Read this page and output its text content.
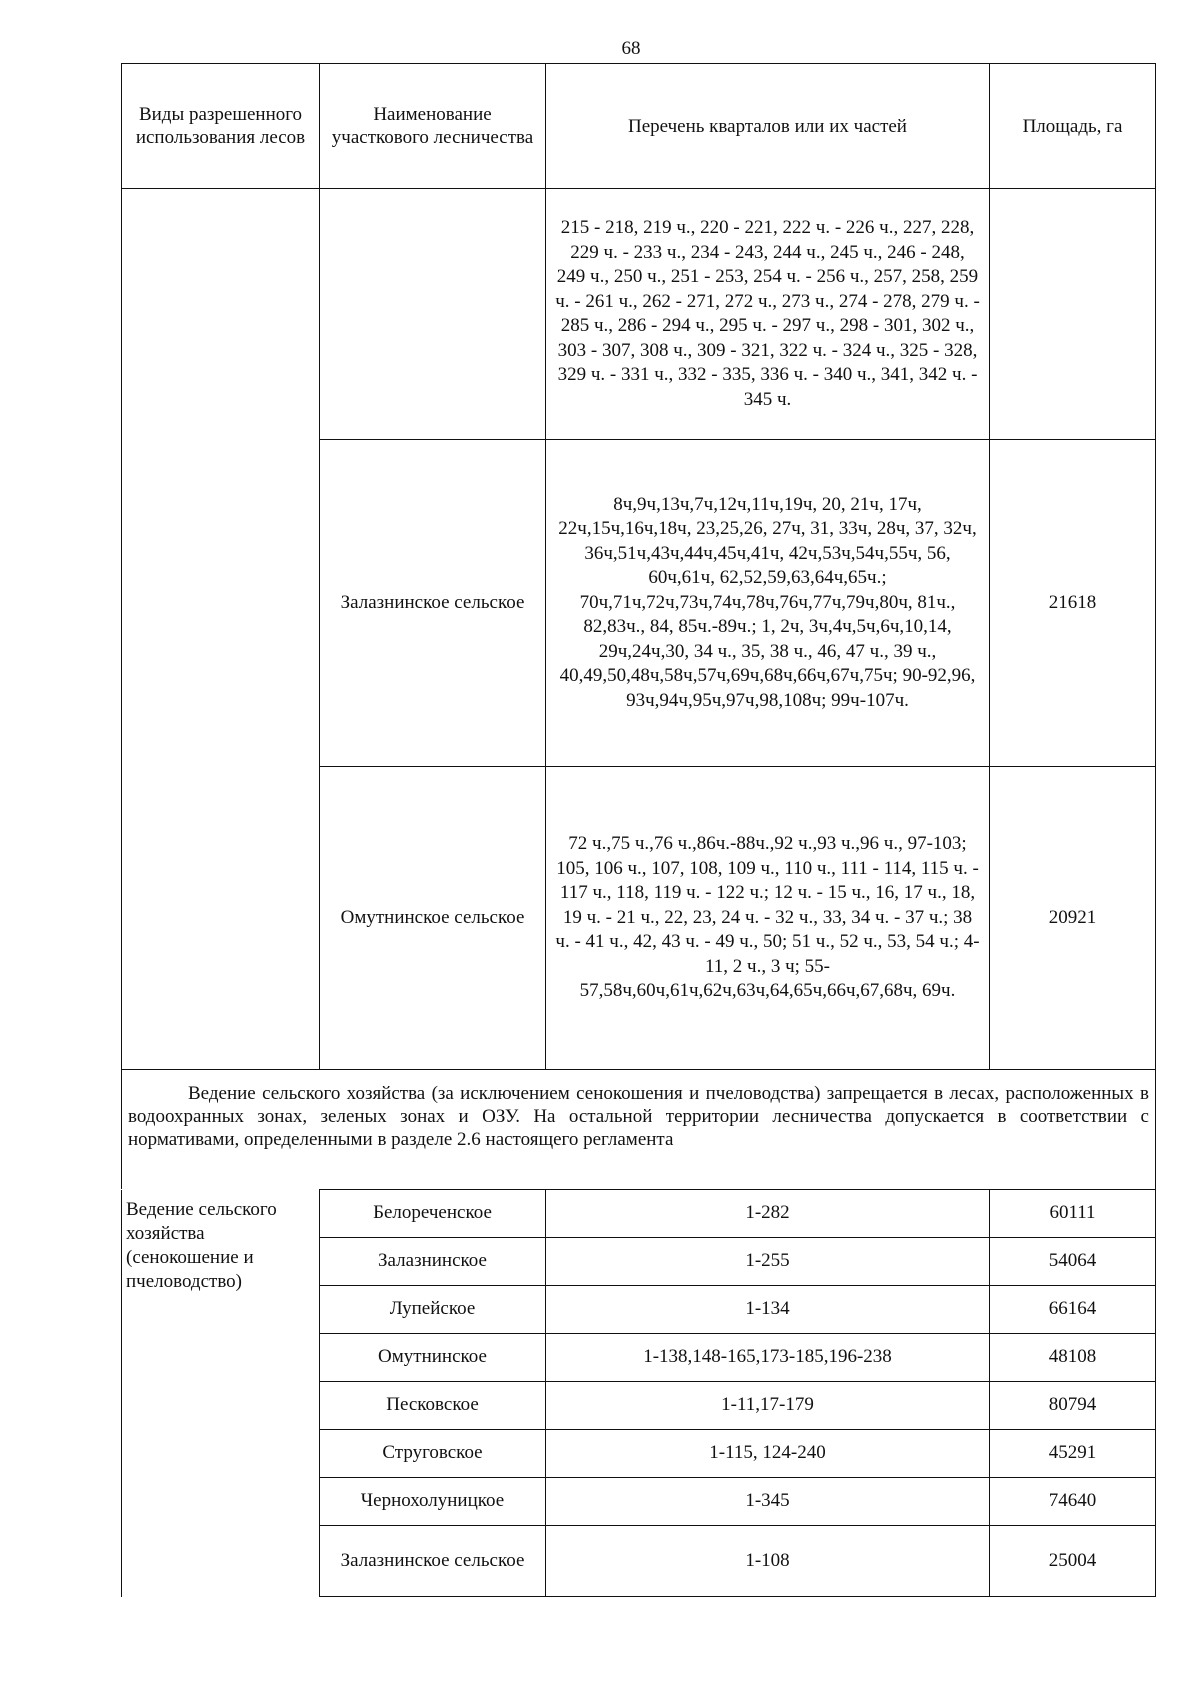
68
Виды разрешенного использования лесов	Наименование участкового лесничества	Перечень кварталов или их частей	Площадь, га
		215 - 218, 219 ч., 220 - 221, 222 ч. - 226 ч., 227, 228, 229 ч. - 233 ч., 234 - 243, 244 ч., 245 ч., 246 - 248, 249 ч., 250 ч., 251 - 253, 254 ч. - 256 ч., 257, 258, 259 ч. - 261 ч., 262 - 271, 272 ч., 273 ч., 274 - 278, 279 ч. - 285 ч., 286 - 294 ч., 295 ч. - 297 ч., 298 - 301, 302 ч., 303 - 307, 308 ч., 309 - 321, 322 ч. - 324 ч., 325 - 328, 329 ч. - 331 ч., 332 - 335, 336 ч. - 340 ч., 341, 342 ч. - 345 ч.	
	Залазнинское сельское	8ч,9ч,13ч,7ч,12ч,11ч,19ч, 20, 21ч, 17ч, 22ч,15ч,16ч,18ч, 23,25,26, 27ч, 31, 33ч, 28ч, 37, 32ч, 36ч,51ч,43ч,44ч,45ч,41ч, 42ч,53ч,54ч,55ч, 56, 60ч,61ч, 62,52,59,63,64ч,65ч.; 70ч,71ч,72ч,73ч,74ч,78ч,76ч,77ч,79ч,80ч, 81ч., 82,83ч., 84, 85ч.-89ч.; 1, 2ч, 3ч,4ч,5ч,6ч,10,14, 29ч,24ч,30, 34 ч., 35, 38 ч., 46, 47 ч., 39 ч., 40,49,50,48ч,58ч,57ч,69ч,68ч,66ч,67ч,75ч; 90-92,96, 93ч,94ч,95ч,97ч,98,108ч; 99ч-107ч.	21618
	Омутнинское сельское	72 ч.,75 ч.,76 ч.,86ч.-88ч.,92 ч.,93 ч.,96 ч., 97-103; 105, 106 ч., 107, 108, 109 ч., 110 ч., 111 - 114, 115 ч. - 117 ч., 118, 119 ч. - 122 ч.; 12 ч. - 15 ч., 16, 17 ч., 18, 19 ч. - 21 ч., 22, 23, 24 ч. - 32 ч., 33, 34 ч. - 37 ч.; 38 ч. - 41 ч., 42, 43 ч. - 49 ч., 50; 51 ч., 52 ч., 53, 54 ч.; 4-11, 2 ч., 3 ч; 55-57,58ч,60ч,61ч,62ч,63ч,64,65ч,66ч,67,68ч, 69ч.	20921

Ведение сельского хозяйства (за исключением сенокошения и пчеловодства) запрещается в лесах, расположенных в водоохранных зонах, зеленых зонах и ОЗУ. На остальной территории лесничества допускается в соответствии с нормативами, определенными в разделе 2.6 настоящего регламента			
Ведение сельского хозяйства (сенокошение и пчеловодство)	Белореченское	1-282	60111
	Залазнинское	1-255	54064
	Лупейское	1-134	66164
	Омутнинское	1-138,148-165,173-185,196-238	48108
	Песковское	1-11,17-179	80794
	Струговское	1-115, 124-240	45291
	Чернохолуницкое	1-345	74640
	Залазнинское сельское	1-108	25004
